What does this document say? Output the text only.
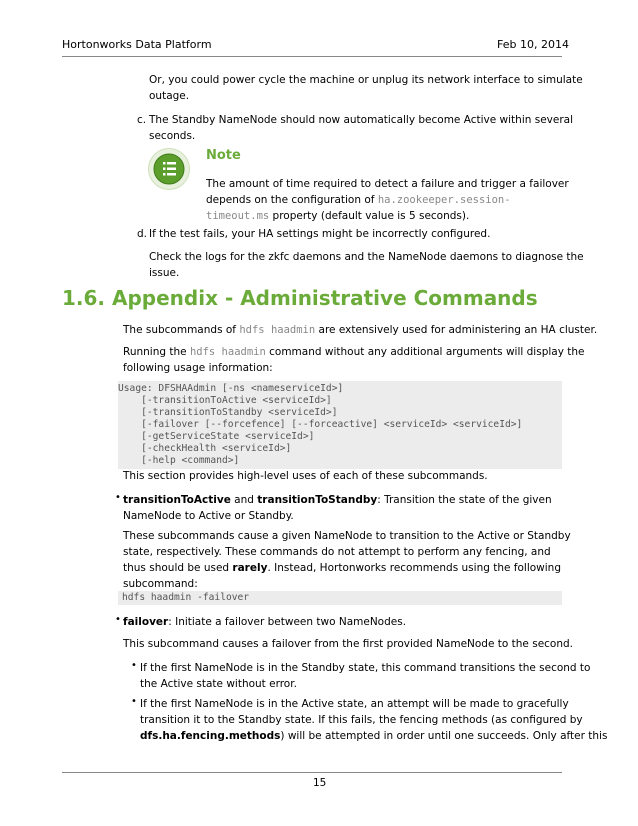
Hortonworks Data Platform	Feb 10, 2014
Or, you could power cycle the machine or unplug its network interface to simulate
outage.
c. The Standby NameNode should now automatically become Active within several
seconds.
Note
The amount of time required to detect a failure and trigger a failover
depends on the configuration of ha.zookeeper.session-
timeout.ms property (default value is 5 seconds).
d. If the test fails, your HA settings might be incorrectly configured.
Check the logs for the zkfc daemons and the NameNode daemons to diagnose the
issue.
1.6. Appendix - Administrative Commands
The subcommands of hdfs haadmin are extensively used for administering an HA cluster.
Running the hdfs haadmin command without any additional arguments will display the
following usage information:
Usage: DFSHAAdmin [-ns <nameserviceId>]
[-transitionToActive <serviceId>]
[-transitionToStandby <serviceId>]
[-failover [--forcefence] [--forceactive] <serviceId> <serviceId>]
[-getServiceState <serviceId>]
[-checkHealth <serviceId>]
[-help <command>]
This section provides high-level uses of each of these subcommands.
• transitionToActive and transitionToStandby: Transition the state of the given
NameNode to Active or Standby.
These subcommands cause a given NameNode to transition to the Active or Standby
state, respectively. These commands do not attempt to perform any fencing, and
thus should be used rarely. Instead, Hortonworks recommends using the following
subcommand:
hdfs haadmin -failover
• failover: Initiate a failover between two NameNodes.
This subcommand causes a failover from the first provided NameNode to the second.
• If the first NameNode is in the Standby state, this command transitions the second to
the Active state without error.
• If the first NameNode is in the Active state, an attempt will be made to gracefully
transition it to the Standby state. If this fails, the fencing methods (as configured by
dfs.ha.fencing.methods) will be attempted in order until one succeeds. Only after this
15
